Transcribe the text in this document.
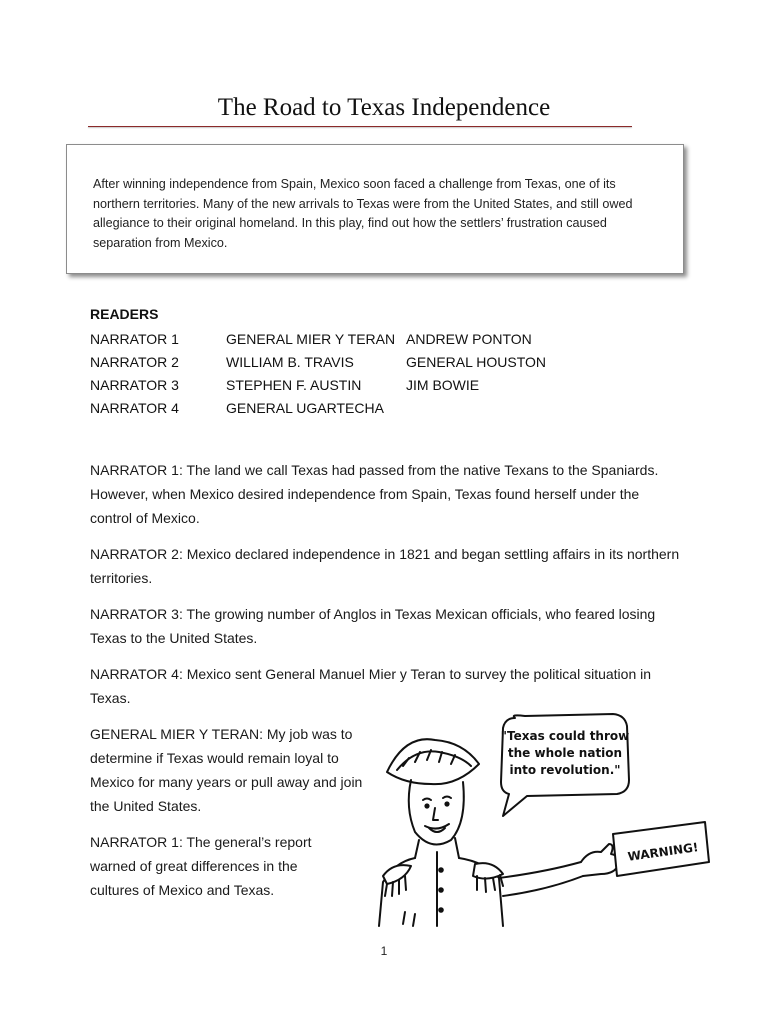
The Road to Texas Independence
After winning independence from Spain, Mexico soon faced a challenge from Texas, one of its northern territories. Many of the new arrivals to Texas were from the United States, and still owed allegiance to their original homeland. In this play, find out how the settlers’ frustration caused separation from Mexico.
READERS
NARRATOR 1
NARRATOR 2
NARRATOR 3
NARRATOR 4
GENERAL MIER Y TERAN
WILLIAM B. TRAVIS
STEPHEN F. AUSTIN
GENERAL UGARTECHA
ANDREW PONTON
GENERAL HOUSTON
JIM BOWIE
NARRATOR 1: The land we call Texas had passed from the native Texans to the Spaniards. However, when Mexico desired independence from Spain, Texas found herself under the control of Mexico.
NARRATOR 2: Mexico declared independence in 1821 and began settling affairs in its northern territories.
NARRATOR 3: The growing number of Anglos in Texas Mexican officials, who feared losing Texas to the United States.
NARRATOR 4: Mexico sent General Manuel Mier y Teran to survey the political situation in Texas.
GENERAL MIER Y TERAN: My job was to determine if Texas would remain loyal to Mexico for many years or pull away and join the United States.
NARRATOR 1: The general’s report warned of great differences in the cultures of Mexico and Texas.
"Texas could throw
the whole nation
into revolution."
WARNING!
1
